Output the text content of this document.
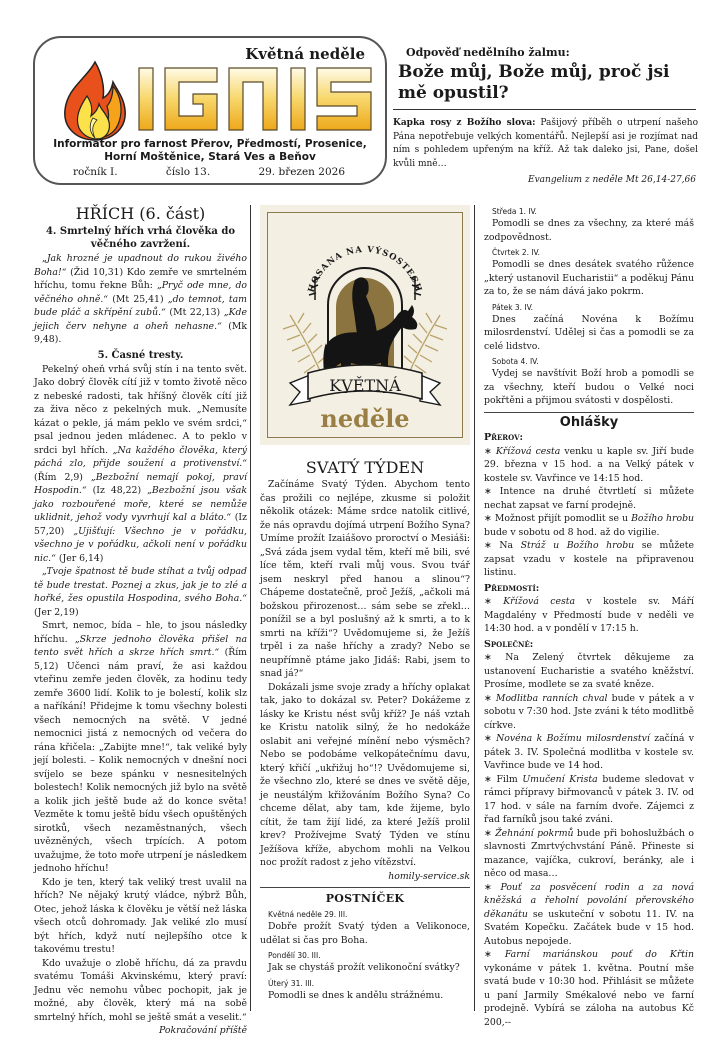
Květná neděle
Informátor pro farnost Přerov, Předmostí, Prosenice,
Horní Moštěnice, Stará Ves a Beňov
ročník I.	číslo 13.	29. březen 2026
Odpověď nedělního žalmu:
Bože můj, Bože můj, proč jsi mě opustil?
Kapka rosy z Božího slova: Pašijový příběh o utrpení našeho Pána nepotřebuje velkých komentářů. Nejlepší asi je rozjímat nad ním s pohledem upřeným na kříž. Až tak daleko jsi, Pane, došel kvůli mně…
Evangelium z neděle Mt 26,14-27,66
HŘÍCH (6. část)
4. Smrtelný hřích vrhá člověka do věčného zavržení.

„Jak hrozné je upadnout do rukou živého Boha!“ (Žid 10,31) Kdo zemře ve smrtelném hříchu, tomu řekne Bůh: „Pryč ode mne, do věčného ohně.“ (Mt 25,41) „do temnot, tam bude pláč a skřípění zubů.“ (Mt 22,13) „Kde jejich červ nehyne a oheň nehasne.“ (Mk 9,48).

5. Časné tresty.

Pekelný oheň vrhá svůj stín i na tento svět. Jako dobrý člověk cítí již v tomto životě něco z nebeské radosti, tak hříšný člověk cítí již za živa něco z pekelných muk. „Nemusíte kázat o pekle, já mám peklo ve svém srdci,“ psal jednou jeden mládenec. A to peklo v srdci byl hřích. „Na každého člověka, který páchá zlo, přijde soužení a protivenství.“ (Řím 2,9) „Bezbožní nemají pokoj, praví Hospodin.“ (Iz 48,22) „Bezbožní jsou však jako rozbouřené moře, které se nemůže uklidnit, jehož vody vyvrhují kal a bláto.“ (Iz 57,20) „Ujišťují: Všechno je v pořádku, všechno je v pořádku, ačkoli není v pořádku nic.“ (Jer 6,14)

„Tvoje špatnost tě bude stíhat a tvůj odpad tě bude trestat. Poznej a zkus, jak je to zlé a hořké, žes opustila Hospodina, svého Boha.“ (Jer 2,19)

Smrt, nemoc, bída – hle, to jsou následky hříchu. „Skrze jednoho člověka přišel na tento svět hřích a skrze hřích smrt.“ (Řím 5,12) Učenci nám praví, že asi každou vteřinu zemře jeden člověk, za hodinu tedy zemře 3600 lidí. Kolik to je bolestí, kolik slz a naříkání! Přidejme k tomu všechny bolesti všech nemocných na světě. V jedné nemocnici jistá z nemocných od večera do rána křičela: „Zabijte mne!“, tak veliké byly její bolesti. – Kolik nemocných v dnešní noci svíjelo se beze spánku v nesnesitelných bolestech! Kolik nemocných již bylo na světě a kolik jich ještě bude až do konce světa! Vezměte k tomu ještě bídu všech opuštěných sirotků, všech nezaměstnaných, všech uvězněných, všech trpících. A potom uvažujme, že toto moře utrpení je následkem jednoho hříchu!

Kdo je ten, který tak veliký trest uvalil na hřích? Ne nějaký krutý vládce, nýbrž Bůh, Otec, jehož láska k člověku je větší než láska všech otců dohromady. Jak veliké zlo musí být hřích, když nutí nejlepšího otce k takovému trestu!

Kdo uvažuje o zlobě hříchu, dá za pravdu svatému Tomáši Akvinskému, který praví: Jednu věc nemohu vůbec pochopit, jak je možné, aby člověk, který má na sobě smrtelný hřích, mohl se ještě smát a veselit.“

Pokračování příště
HOSANA NA VÝSOSTECH
KVĚTNÁ
neděle
SVATÝ TÝDEN

Začínáme Svatý Týden. Abychom tento čas prožili co nejlépe, zkusme si položit několik otázek: Máme srdce natolik citlivé, že nás opravdu dojímá utrpení Božího Syna? Umíme prožít Izaiášovo proroctví o Mesiáši: „Svá záda jsem vydal těm, kteří mě bili, své líce těm, kteří rvali můj vous. Svou tvář jsem neskryl před hanou a slinou“? Chápeme dostatečně, proč Ježíš, „ačkoli má božskou přirozenost… sám sebe se zřekl… ponížil se a byl poslušný až k smrti, a to k smrti na kříži“? Uvědomujeme si, že Ježíš trpěl i za naše hříchy a zrady? Nebo se neupřímně ptáme jako Jidáš: Rabi, jsem to snad já?“

Dokázali jsme svoje zrady a hříchy oplakat tak, jako to dokázal sv. Peter? Dokážeme z lásky ke Kristu nést svůj kříž? Je náš vztah ke Kristu natolik silný, že ho nedokáže oslabit ani veřejné mínění nebo výsměch? Nebo se podobáme velkopátečnímu davu, který křičí „ukřižuj ho“!? Uvědomujeme si, že všechno zlo, které se dnes ve světě děje, je neustálým křižováním Božího Syna? Co chceme dělat, aby tam, kde žijeme, bylo cítit, že tam žijí lidé, za které Ježíš prolil krev? Prožívejme Svatý Týden ve stínu Ježíšova kříže, abychom mohli na Velkou noc prožít radost z jeho vítězství.

homily-service.sk
POSTNÍČEK
Květná neděle 29. III.
Dobře prožít Svatý týden a Velikonoce, udělat si čas pro Boha.
Pondělí 30. III.
Jak se chystáš prožít velikonoční svátky?
Úterý 31. III.
Pomodli se dnes k andělu strážnému.
Středa 1. IV.
Pomodli se dnes za všechny, za které máš zodpovědnost.
Čtvrtek 2. IV.
Pomodli se dnes desátek svatého růžence „který ustanovil Eucharistii“ a poděkuj Pánu za to, že se nám dává jako pokrm.
Pátek 3. IV.
Dnes začíná Novéna k Božímu milosrdenství. Udělej si čas a pomodli se za celé lidstvo.
Sobota 4. IV.
Vydej se navštívit Boží hrob a pomodli se za všechny, kteří budou o Velké noci pokřtěni a přijmou svátosti v dospělosti.
Ohlášky
Přerov:
∗ Křížová cesta venku u kaple sv. Jiří bude 29. března v 15 hod. a na Velký pátek v kostele sv. Vavřince ve 14:15 hod.
∗ Intence na druhé čtvrtletí si můžete nechat zapsat ve farní prodejně.
∗ Možnost přijít pomodlit se u Božího hrobu bude v sobotu od 8 hod. až do vigilie.
∗ Na Stráž u Božího hrobu se můžete zapsat vzadu v kostele na připravenou listinu.
Předmostí:
∗ Křížová cesta v kostele sv. Máří Magdalény v Předmostí bude v neděli ve 14:30 hod. a v pondělí v 17:15 h.
Společné:
∗ Na Zelený čtvrtek děkujeme za ustanovení Eucharistie a svatého kněžství. Prosíme, modlete se za svaté kněze.
∗ Modlitba ranních chval bude v pátek a v sobotu v 7:30 hod. Jste zváni k této modlitbě církve.
∗ Novéna k Božímu milosrdenství začíná v pátek 3. IV. Společná modlitba v kostele sv. Vavřince bude ve 14 hod.
∗ Film Umučení Krista budeme sledovat v rámci přípravy biřmovanců v pátek 3. IV. od 17 hod. v sále na farním dvoře. Zájemci z řad farníků jsou také zváni.
∗ Žehnání pokrmů bude při bohoslužbách o slavnosti Zmrtvýchvstání Páně. Přineste si mazance, vajíčka, cukroví, beránky, ale i něco od masa…
∗ Pouť za posvěcení rodin a za nová kněžská a řeholní povolání přerovského děkanátu se uskuteční v sobotu 11. IV. na Svatém Kopečku. Začátek bude v 15 hod. Autobus nepojede.
∗ Farní mariánskou pouť do Křtin vykonáme v pátek 1. května. Poutní mše svatá bude v 10:30 hod. Přihlásit se můžete u paní Jarmily Smékalové nebo ve farní prodejně. Vybírá se záloha na autobus Kč 200,--
